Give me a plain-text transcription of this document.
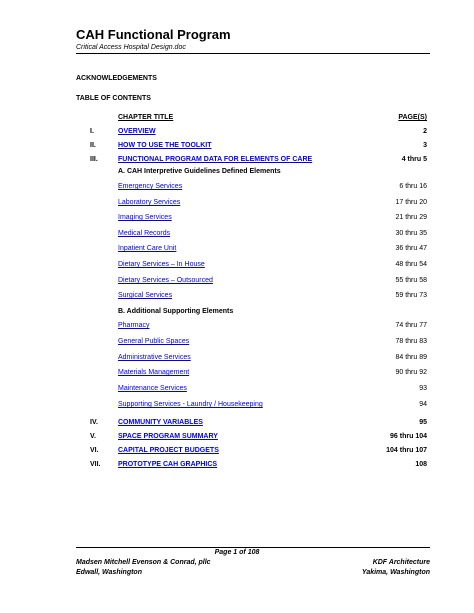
CAH Functional Program
Critical Access Hospital Design.doc
ACKNOWLEDGEMENTS
TABLE OF CONTENTS
CHAPTER TITLE	PAGE(S)
I.	OVERVIEW	2
II.	HOW TO USE THE TOOLKIT	3
III.	FUNCTIONAL PROGRAM DATA FOR ELEMENTS OF CARE	4 thru 5
A. CAH Interpretive Guidelines Defined Elements
Emergency Services	6 thru 16
Laboratory Services	17 thru 20
Imaging Services	21 thru 29
Medical Records	30 thru 35
Inpatient Care Unit	36 thru 47
Dietary Services – In House	48 thru 54
Dietary Services – Outsourced	55 thru 58
Surgical Services	59 thru 73
B. Additional Supporting Elements
Pharmacy	74 thru 77
General Public Spaces	78 thru 83
Administrative Services	84 thru 89
Materials Management	90 thru 92
Maintenance Services	93
Supporting Services - Laundry / Housekeeping	94
IV.	COMMUNITY VARIABLES	95
V.	SPACE PROGRAM SUMMARY	96 thru 104
VI.	CAPITAL PROJECT BUDGETS	104 thru 107
VII. PROTOTYPE CAH GRAPHICS	108
Page 1 of 108
Madsen Mitchell Evenson & Conrad, pllc
Edwall, Washington
KDF Architecture
Yakima, Washington
